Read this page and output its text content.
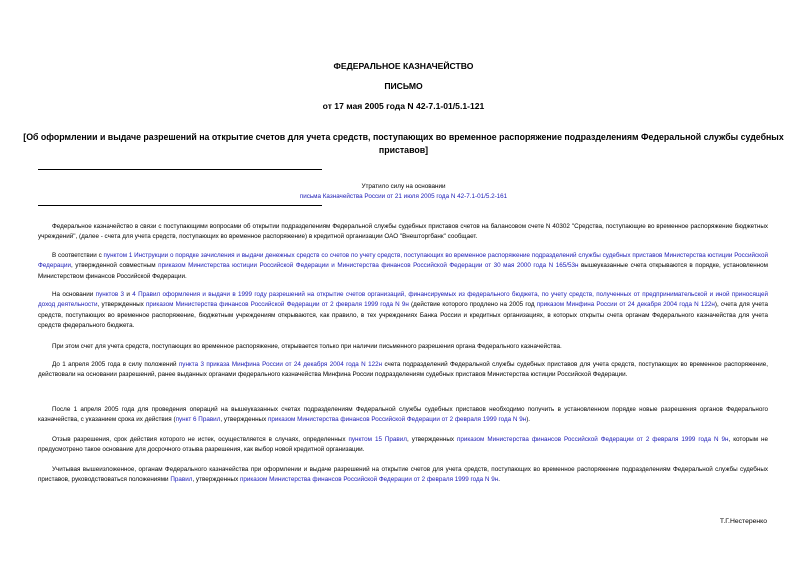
ФЕДЕРАЛЬНОЕ КАЗНАЧЕЙСТВО
ПИСЬМО
от 17 мая 2005 года N 42-7.1-01/5.1-121
[Об оформлении и выдаче разрешений на открытие счетов для учета средств, поступающих во временное распоряжение подразделениям Федеральной службы судебных приставов]
Утратило силу на основании
письма Казначейства России от 21 июля 2005 года N 42-7.1-01/5.2-161
Федеральное казначейство в связи с поступающими вопросами об открытии подразделениям Федеральной службы судебных приставов счетов на балансовом счете N 40302 "Средства, поступающие во временное распоряжение бюджетных учреждений", (далее - счета для учета средств, поступающих во временное распоряжение) в кредитной организации ОАО "Внешторгбанк" сообщает.
В соответствии с пунктом 1 Инструкции о порядке зачисления и выдачи денежных средств со счетов по учету средств, поступающих во временное распоряжение подразделений службы судебных приставов Министерства юстиции Российской Федерации, утвержденной совместным приказом Министерства юстиции Российской Федерации и Министерства финансов Российской Федерации от 30 мая 2000 года N 165/53н вышеуказанные счета открываются в порядке, установленном Министерством финансов Российской Федерации.
На основании пунктов 3 и 4 Правил оформления и выдачи в 1999 году разрешений на открытие счетов организаций, финансируемых из федерального бюджета, по учету средств, полученных от предпринимательской и иной приносящей доход деятельности, утвержденных приказом Министерства финансов Российской Федерации от 2 февраля 1999 года N 9н (действие которого продлено на 2005 год приказом Минфина России от 24 декабря 2004 года N 122н), счета для учета средств, поступающих во временное распоряжение, бюджетным учреждениям открываются, как правило, в тех учреждениях Банка России и кредитных организациях, в которых открыты счета органам Федерального казначейства для учета средств федерального бюджета.
При этом счет для учета средств, поступающих во временное распоряжение, открывается только при наличии письменного разрешения органа Федерального казначейства.
До 1 апреля 2005 года в силу положений пункта 3 приказа Минфина России от 24 декабря 2004 года N 122н счета подразделений Федеральной службы судебных приставов для учета средств, поступающих во временное распоряжение, действовали на основании разрешений, ранее выданных органами федерального казначейства Минфина России подразделениям судебных приставов Министерства юстиции Российской Федерации.
После 1 апреля 2005 года для проведения операций на вышеуказанных счетах подразделениям Федеральной службы судебных приставов необходимо получить в установленном порядке новые разрешения органов Федерального казначейства, с указанием срока их действия (пункт 6 Правил, утвержденных приказом Министерства финансов Российской Федерации от 2 февраля 1999 года N 9н).
Отзыв разрешения, срок действия которого не истек, осуществляется в случаях, определенных пунктом 15 Правил, утвержденных приказом Министерства финансов Российской Федерации от 2 февраля 1999 года N 9н, которым не предусмотрено такое основание для досрочного отзыва разрешения, как выбор новой кредитной организации.
Учитывая вышеизложенное, органам Федерального казначейства при оформлении и выдаче разрешений на открытие счетов для учета средств, поступающих во временное распоряжение подразделениям Федеральной службы судебных приставов, руководствоваться положениями Правил, утвержденных приказом Министерства финансов Российской Федерации от 2 февраля 1999 года N 9н.
Т.Г.Нестеренко
